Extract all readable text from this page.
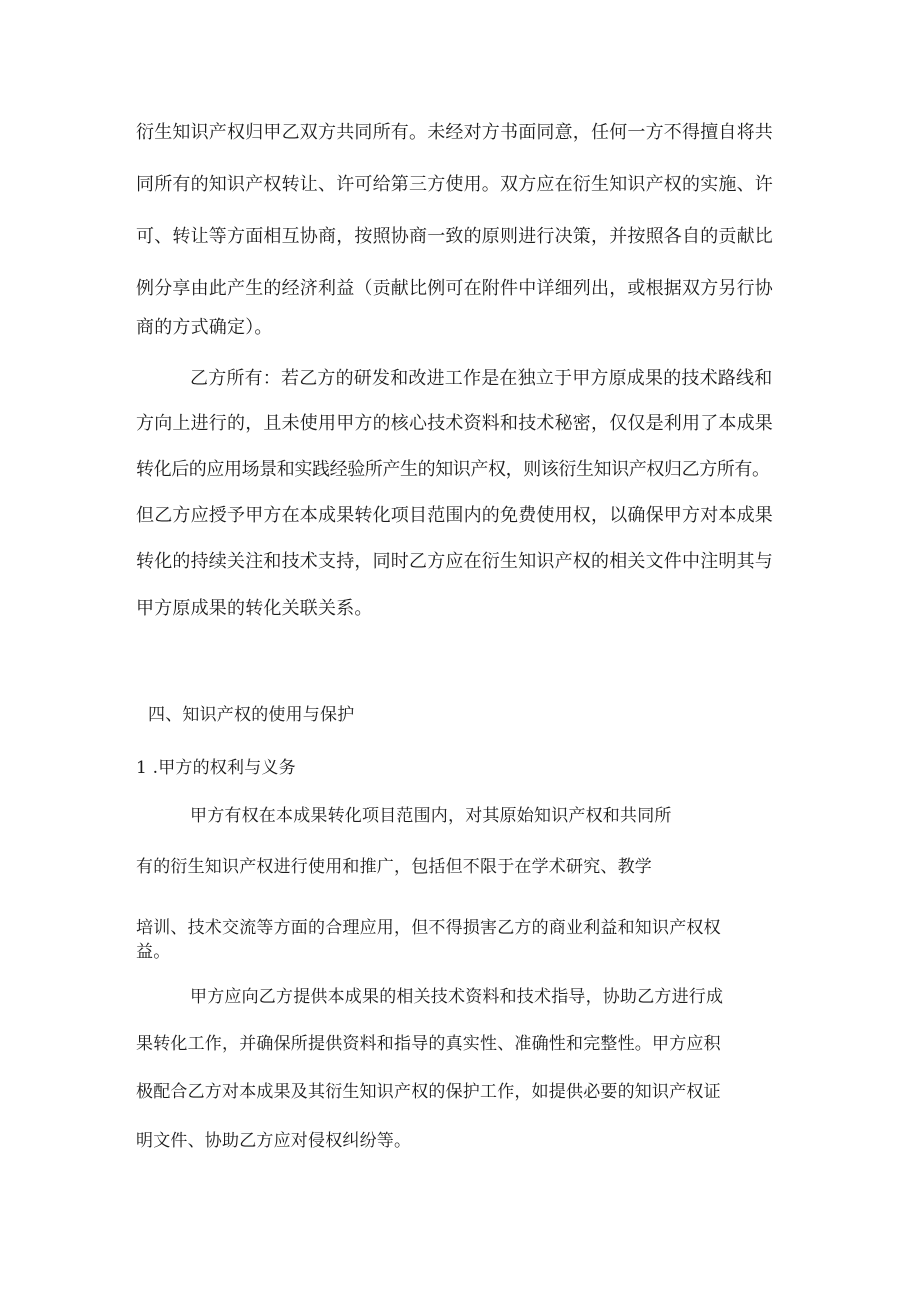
衍生知识产权归甲乙双方共同所有。未经对方书面同意，任何一方不得擅自将共
同所有的知识产权转让、许可给第三方使用。双方应在衍生知识产权的实施、许
可、转让等方面相互协商，按照协商一致的原则进行决策，并按照各自的贡献比
例分享由此产生的经济利益（贡献比例可在附件中详细列出，或根据双方另行协
商的方式确定）。
乙方所有：若乙方的研发和改进工作是在独立于甲方原成果的技术路线和
方向上进行的，且未使用甲方的核心技术资料和技术秘密，仅仅是利用了本成果
转化后的应用场景和实践经验所产生的知识产权，则该衍生知识产权归乙方所有。
但乙方应授予甲方在本成果转化项目范围内的免费使用权，以确保甲方对本成果
转化的持续关注和技术支持，同时乙方应在衍生知识产权的相关文件中注明其与
甲方原成果的转化关联关系。
四、知识产权的使用与保护
1 .甲方的权利与义务
甲方有权在本成果转化项目范围内，对其原始知识产权和共同所
有的衍生知识产权进行使用和推广，包括但不限于在学术研究、教学
培训、技术交流等方面的合理应用，但不得损害乙方的商业利益和知识产权权
益。
甲方应向乙方提供本成果的相关技术资料和技术指导，协助乙方进行成
果转化工作，并确保所提供资料和指导的真实性、准确性和完整性。甲方应积
极配合乙方对本成果及其衍生知识产权的保护工作，如提供必要的知识产权证
明文件、协助乙方应对侵权纠纷等。
